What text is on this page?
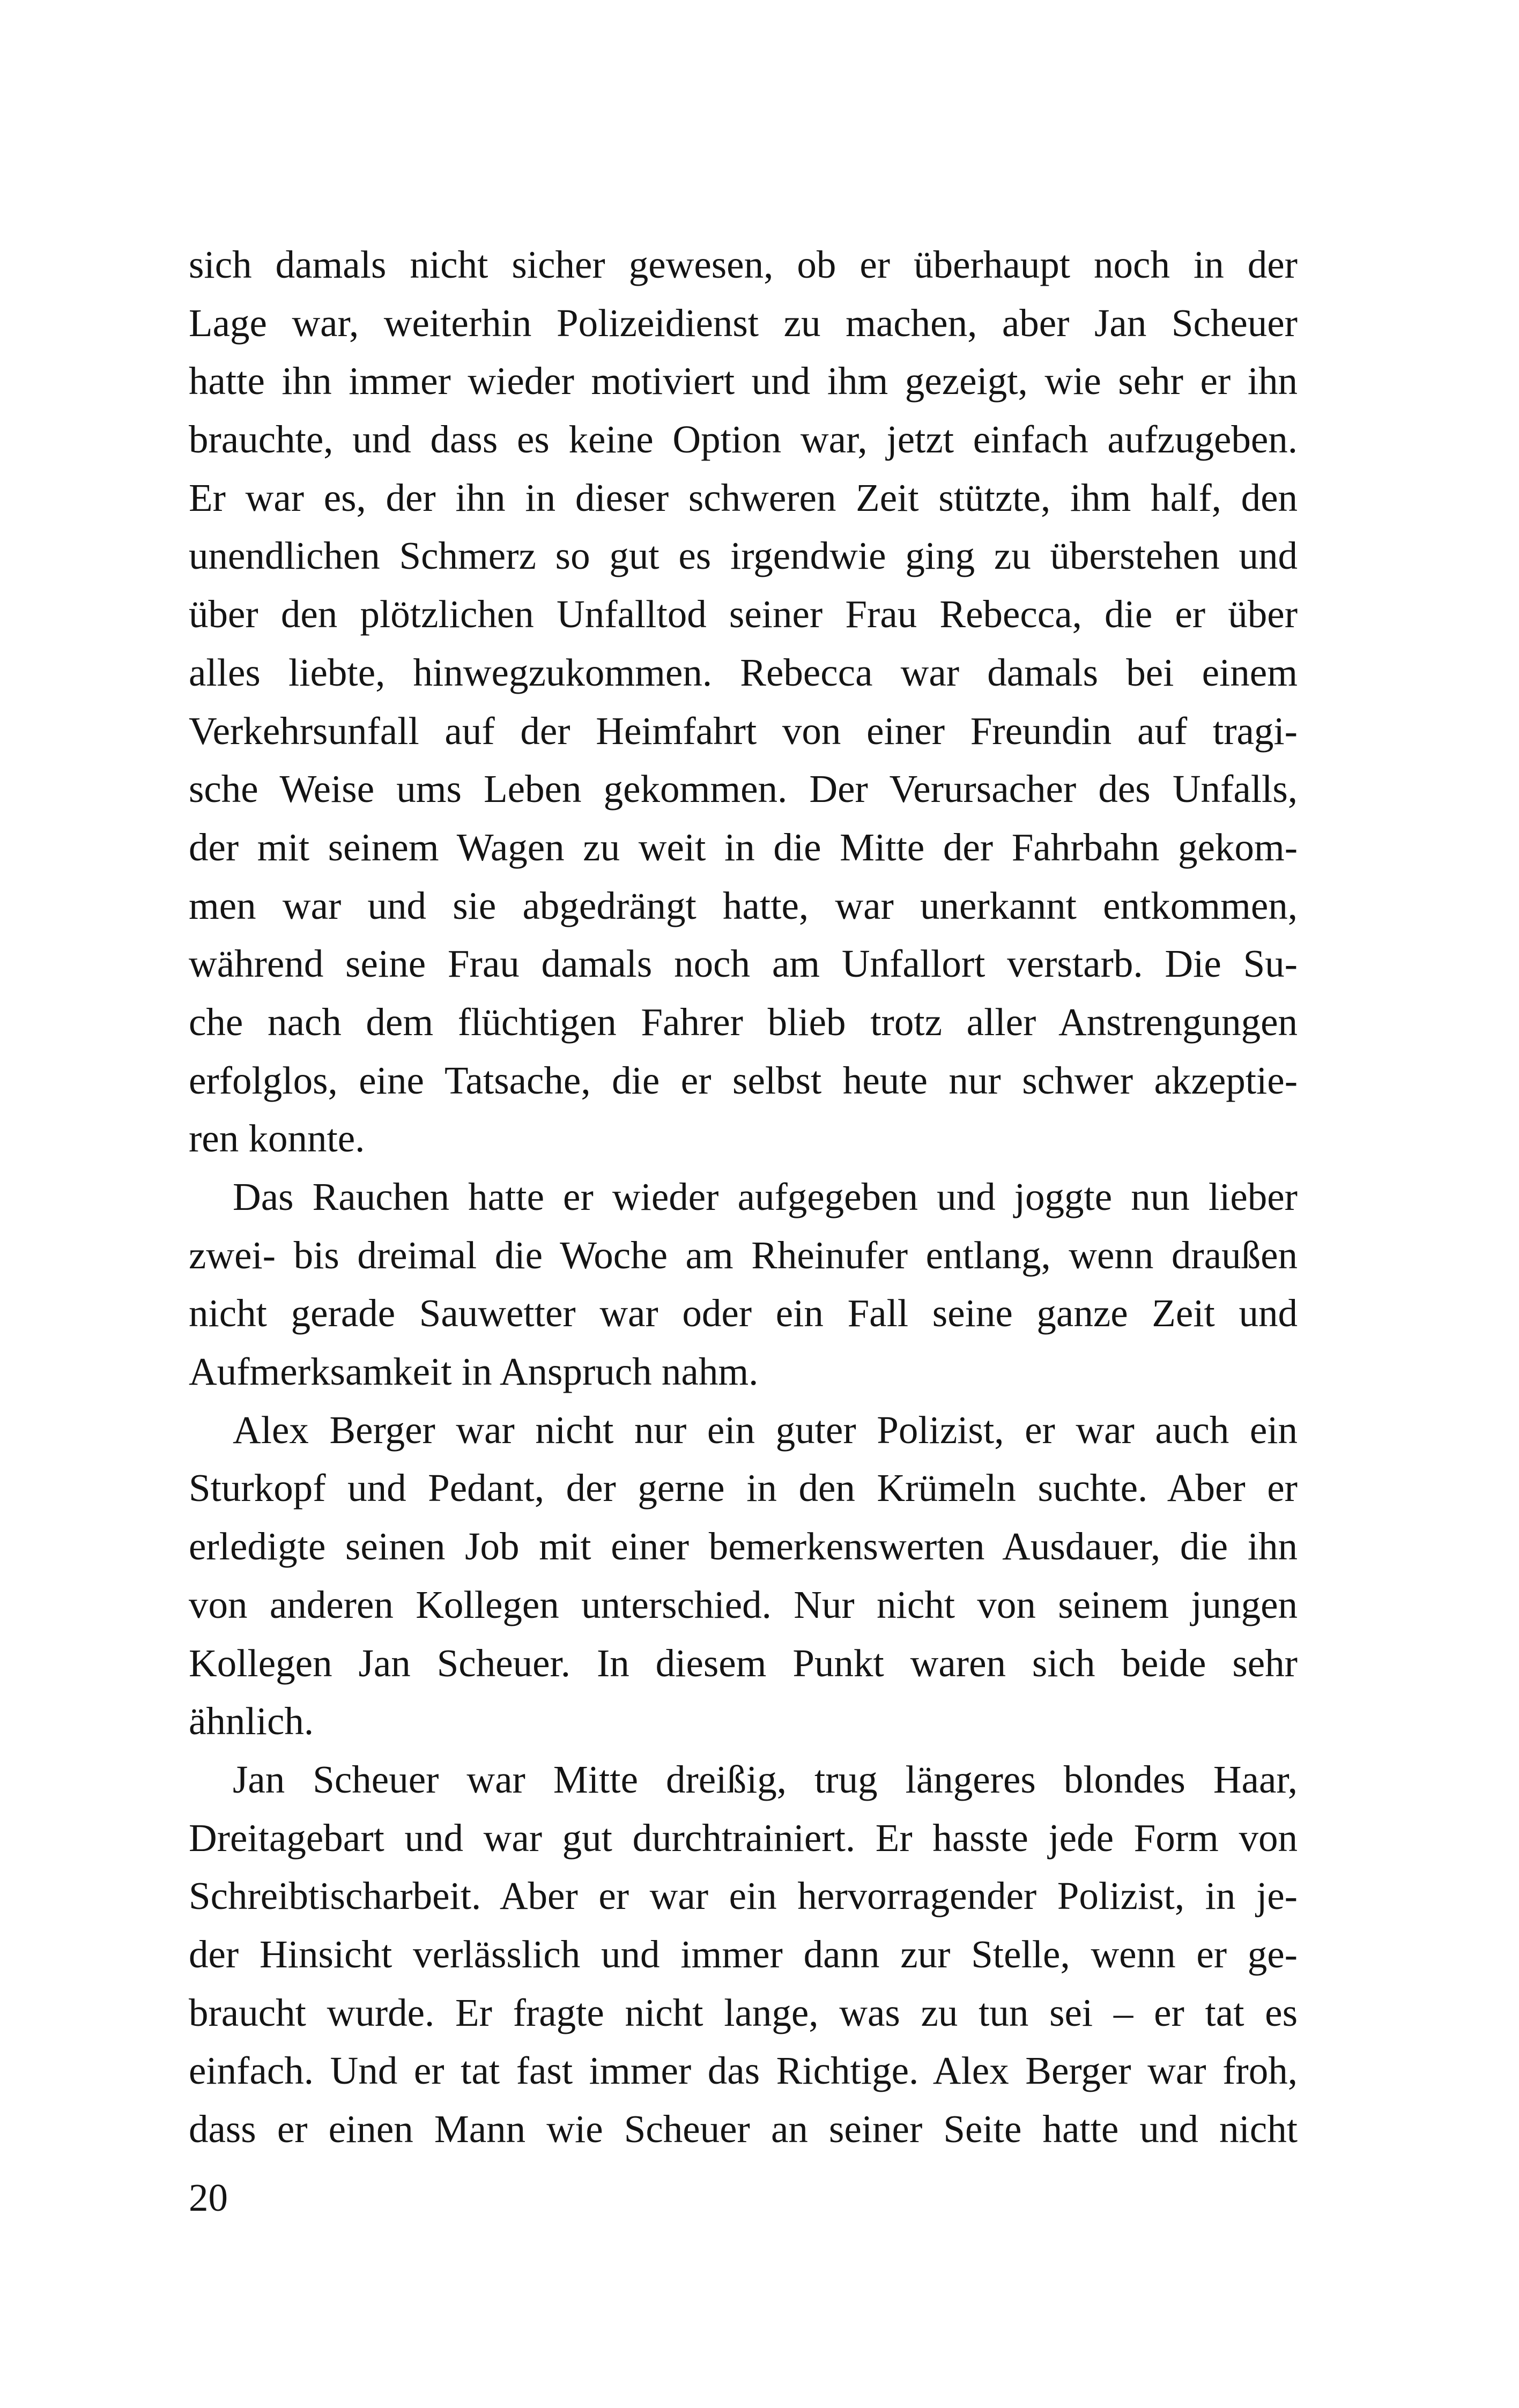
sich damals nicht sicher gewesen, ob er überhaupt noch in der
Lage war, weiterhin Polizeidienst zu machen, aber Jan Scheuer
hatte ihn immer wieder motiviert und ihm gezeigt, wie sehr er ihn
brauchte, und dass es keine Option war, jetzt einfach aufzugeben.
Er war es, der ihn in dieser schweren Zeit stützte, ihm half, den
unendlichen Schmerz so gut es irgendwie ging zu überstehen und
über den plötzlichen Unfalltod seiner Frau Rebecca, die er über
alles liebte, hinwegzukommen. Rebecca war damals bei einem
Verkehrsunfall auf der Heimfahrt von einer Freundin auf tragi-
sche Weise ums Leben gekommen. Der Verursacher des Unfalls,
der mit seinem Wagen zu weit in die Mitte der Fahrbahn gekom-
men war und sie abgedrängt hatte, war unerkannt entkommen,
während seine Frau damals noch am Unfallort verstarb. Die Su-
che nach dem flüchtigen Fahrer blieb trotz aller Anstrengungen
erfolglos, eine Tatsache, die er selbst heute nur schwer akzeptie-
ren konnte.
Das Rauchen hatte er wieder aufgegeben und joggte nun lieber
zwei- bis dreimal die Woche am Rheinufer entlang, wenn draußen
nicht gerade Sauwetter war oder ein Fall seine ganze Zeit und
Aufmerksamkeit in Anspruch nahm.
Alex Berger war nicht nur ein guter Polizist, er war auch ein
Sturkopf und Pedant, der gerne in den Krümeln suchte. Aber er
erledigte seinen Job mit einer bemerkenswerten Ausdauer, die ihn
von anderen Kollegen unterschied. Nur nicht von seinem jungen
Kollegen Jan Scheuer. In diesem Punkt waren sich beide sehr
ähnlich.
Jan Scheuer war Mitte dreißig, trug längeres blondes Haar,
Dreitagebart und war gut durchtrainiert. Er hasste jede Form von
Schreibtischarbeit. Aber er war ein hervorragender Polizist, in je-
der Hinsicht verlässlich und immer dann zur Stelle, wenn er ge-
braucht wurde. Er fragte nicht lange, was zu tun sei – er tat es
einfach. Und er tat fast immer das Richtige. Alex Berger war froh,
dass er einen Mann wie Scheuer an seiner Seite hatte und nicht
20
